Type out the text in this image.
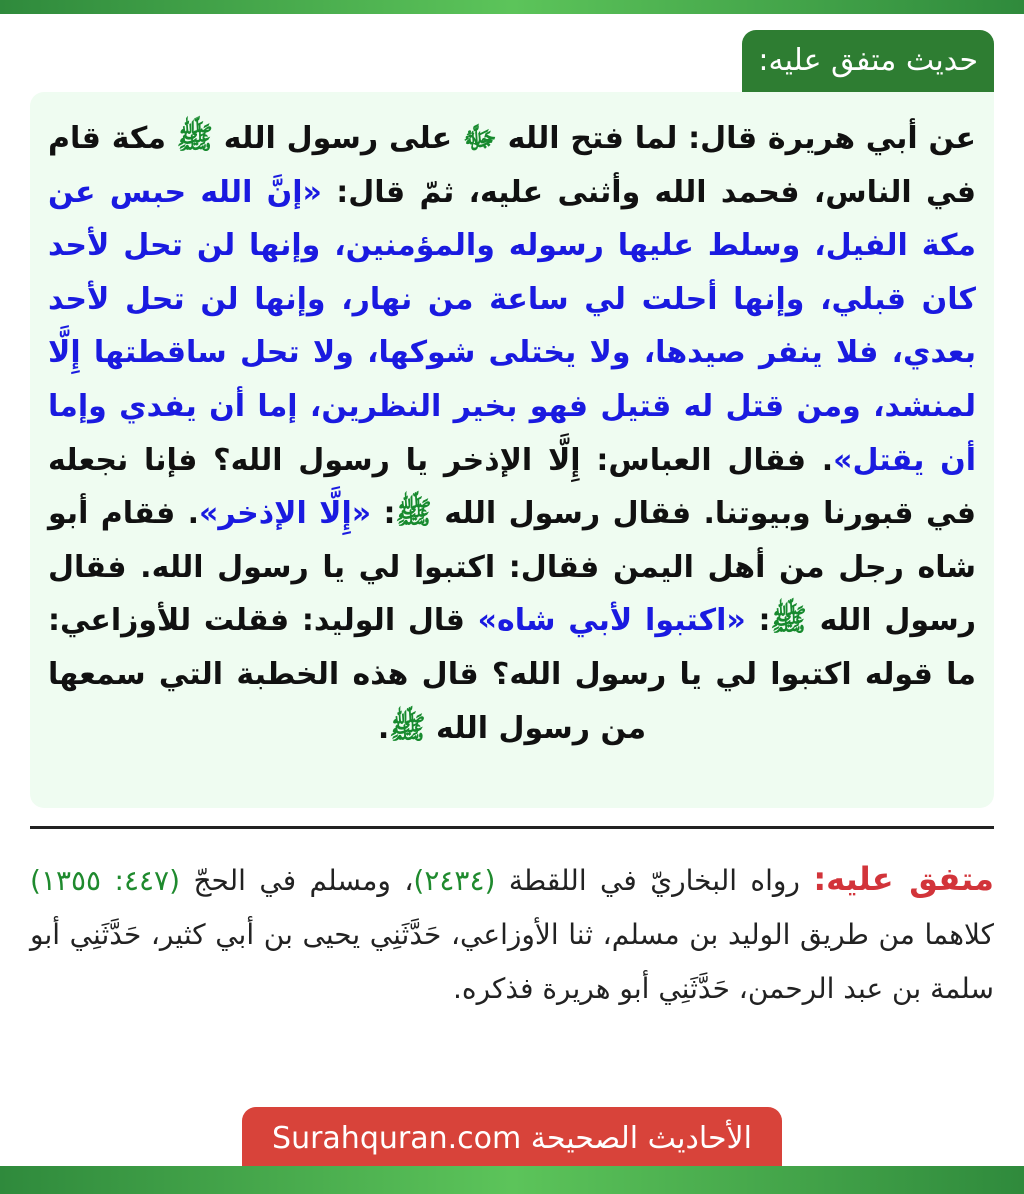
حديث متفق عليه:

عن أبي هريرة قال: لما فتح الله ﷻ على رسول الله ﷺ مكة قام في الناس، فحمد الله وأثنى عليه، ثمّ قال: «إنَّ الله حبس عن مكة الفيل، وسلط عليها رسوله والمؤمنين، وإنها لن تحل لأحد كان قبلي، وإنها أحلت لي ساعة من نهار، وإنها لن تحل لأحد بعدي، فلا ينفر صيدها، ولا يختلى شوكها، ولا تحل ساقطتها إِلَّا لمنشد، ومن قتل له قتيل فهو بخير النظرين، إما أن يفدي وإما أن يقتل». فقال العباس: إِلَّا الإذخر يا رسول الله؟ فإنا نجعله في قبورنا وبيوتنا. فقال رسول الله ﷺ: «إِلَّا الإذخر». فقام أبو شاه رجل من أهل اليمن فقال: اكتبوا لي يا رسول الله. فقال رسول الله ﷺ: «اكتبوا لأبي شاه» قال الوليد: فقلت للأوزاعي: ما قوله اكتبوا لي يا رسول الله؟ قال هذه الخطبة التي سمعها من رسول الله ﷺ.

متفق عليه: رواه البخاريّ في اللقطة (٢٤٣٤)، ومسلم في الحجّ (٤٤٧: ١٣٥٥) كلاهما من طريق الوليد بن مسلم، ثنا الأوزاعي، حَدَّثَنِي يحيى بن أبي كثير، حَدَّثَنِي أبو سلمة بن عبد الرحمن، حَدَّثَنِي أبو هريرة فذكره.

الأحاديث الصحيحة Surahquran.com
